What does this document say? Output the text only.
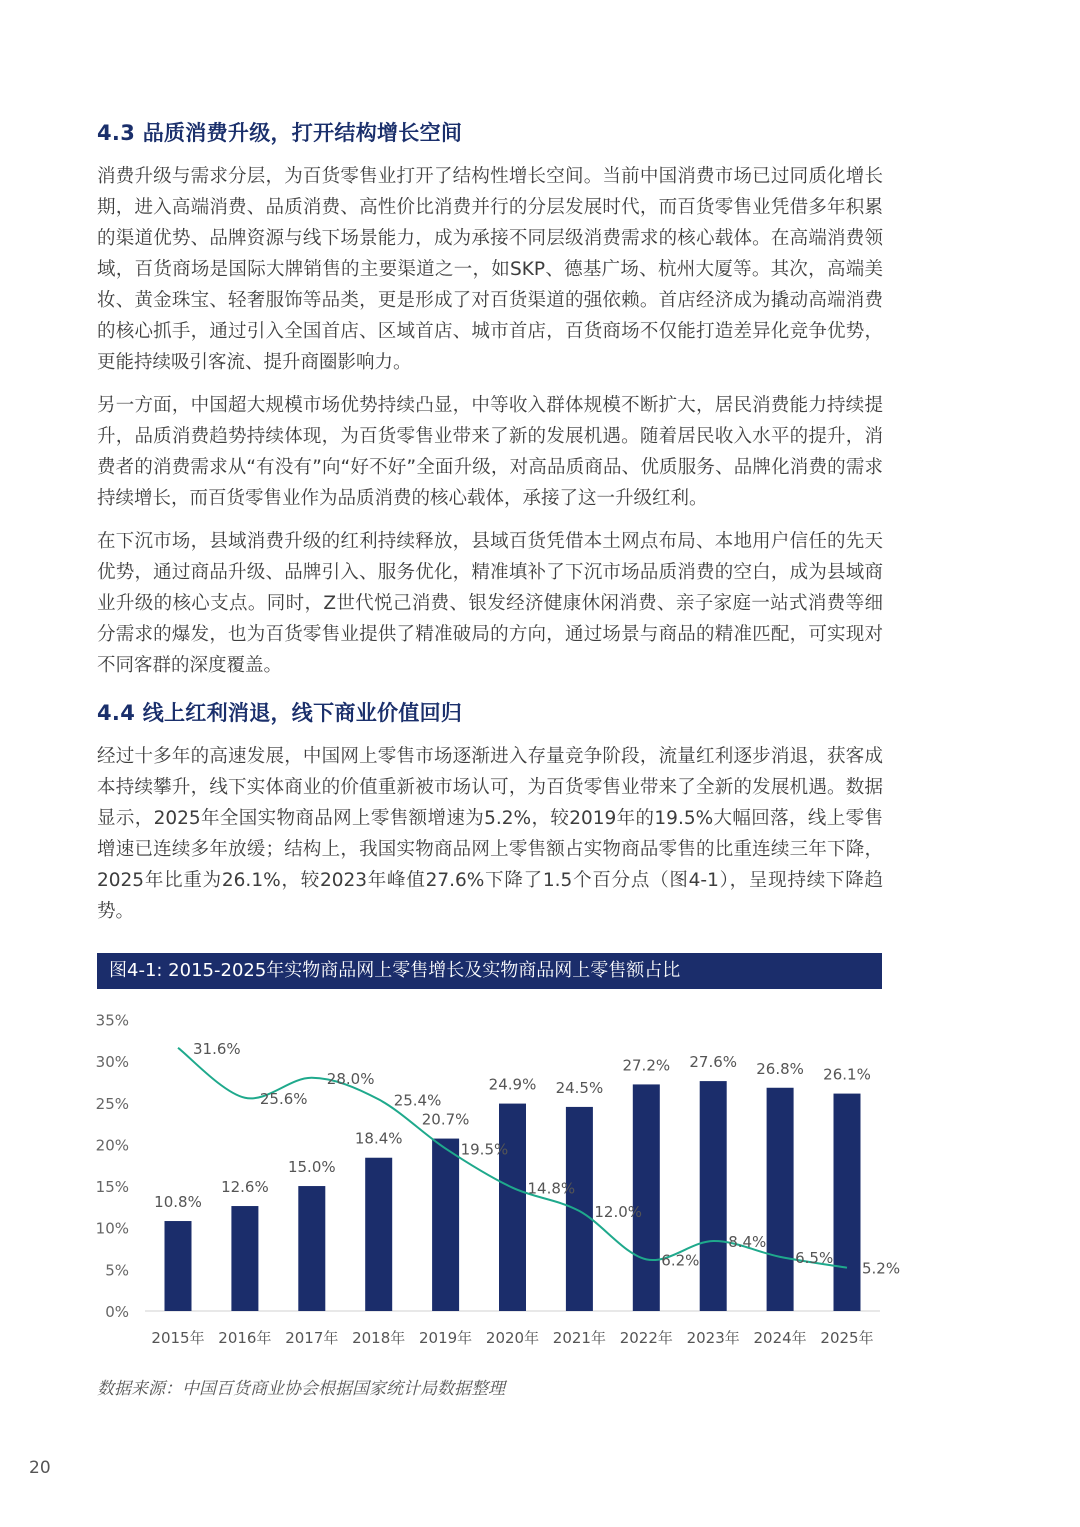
4.3 品质消费升级，打开结构增长空间

消费升级与需求分层，为百货零售业打开了结构性增长空间。当前中国消费市场已过同质化增长期，进入高端消费、品质消费、高性价比消费并行的分层发展时代，而百货零售业凭借多年积累的渠道优势、品牌资源与线下场景能力，成为承接不同层级消费需求的核心载体。在高端消费领域，百货商场是国际大牌销售的主要渠道之一，如SKP、德基广场、杭州大厦等。其次，高端美妆、黄金珠宝、轻奢服饰等品类，更是形成了对百货渠道的强依赖。首店经济成为撬动高端消费的核心抓手，通过引入全国首店、区域首店、城市首店，百货商场不仅能打造差异化竞争优势，更能持续吸引客流、提升商圈影响力。

另一方面，中国超大规模市场优势持续凸显，中等收入群体规模不断扩大，居民消费能力持续提升，品质消费趋势持续体现，为百货零售业带来了新的发展机遇。随着居民收入水平的提升，消费者的消费需求从“有没有”向“好不好”全面升级，对高品质商品、优质服务、品牌化消费的需求持续增长，而百货零售业作为品质消费的核心载体，承接了这一升级红利。

在下沉市场，县域消费升级的红利持续释放，县域百货凭借本土网点布局、本地用户信任的先天优势，通过商品升级、品牌引入、服务优化，精准填补了下沉市场品质消费的空白，成为县域商业升级的核心支点。同时，Z世代悦己消费、银发经济健康休闲消费、亲子家庭一站式消费等细分需求的爆发，也为百货零售业提供了精准破局的方向，通过场景与商品的精准匹配，可实现对不同客群的深度覆盖。

4.4 线上红利消退，线下商业价值回归

经过十多年的高速发展，中国网上零售市场逐渐进入存量竞争阶段，流量红利逐步消退，获客成本持续攀升，线下实体商业的价值重新被市场认可，为百货零售业带来了全新的发展机遇。数据显示，2025年全国实物商品网上零售额增速为5.2%，较2019年的19.5%大幅回落，线上零售增速已连续多年放缓；结构上，我国实物商品网上零售额占实物商品零售的比重连续三年下降，2025年比重为26.1%，较2023年峰值27.6%下降了1.5个百分点（图4-1），呈现持续下降趋势。

图4-1: 2015-2025年实物商品网上零售增长及实物商品网上零售额占比
0%
5%
10%
15%
20%
25%
30%
35%
10.8%
12.6%
15.0%
18.4%
20.7%
24.9% 24.5%
27.2% 27.6% 26.8% 26.1%
2015年 2016年 2017年 2018年 2019年 2020年 2021年 2022年 2023年 2024年 2025年
31.6%
25.6%
28.0%
25.4%
19.5%
14.8%
12.0%
6.2%
8.4%
6.5%
5.2%

数据来源：中国百货商业协会根据国家统计局数据整理

20
